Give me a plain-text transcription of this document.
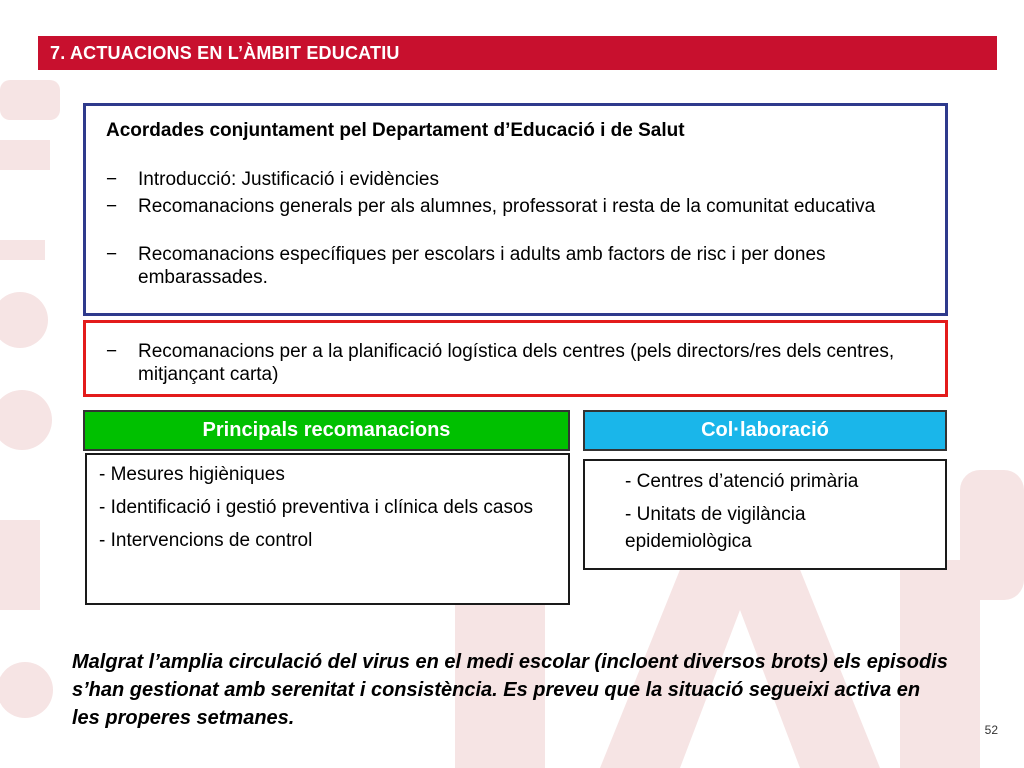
7. ACTUACIONS EN L’ÀMBIT EDUCATIU
Acordades conjuntament pel Departament d’Educació i de Salut
−	Introducció: Justificació i evidències
−	Recomanacions generals per als alumnes, professorat i resta de la comunitat educativa
−	Recomanacions específiques per escolars i adults amb factors de risc i per dones embarassades.
−	Recomanacions per a la planificació logística dels centres (pels directors/res dels centres, mitjançant carta)
Principals recomanacions	Col·laboració

- Mesures higièniques

- Identificació i gestió preventiva i clínica dels casos

- Intervencions de control

- Centres d’atenció primària

- Unitats de vigilància epidemiològica

Malgrat l’amplia circulació del virus en el medi escolar (incloent diversos brots) els episodis s’han gestionat amb serenitat i consistència. Es preveu que la situació segueixi activa en les properes setmanes.
52
